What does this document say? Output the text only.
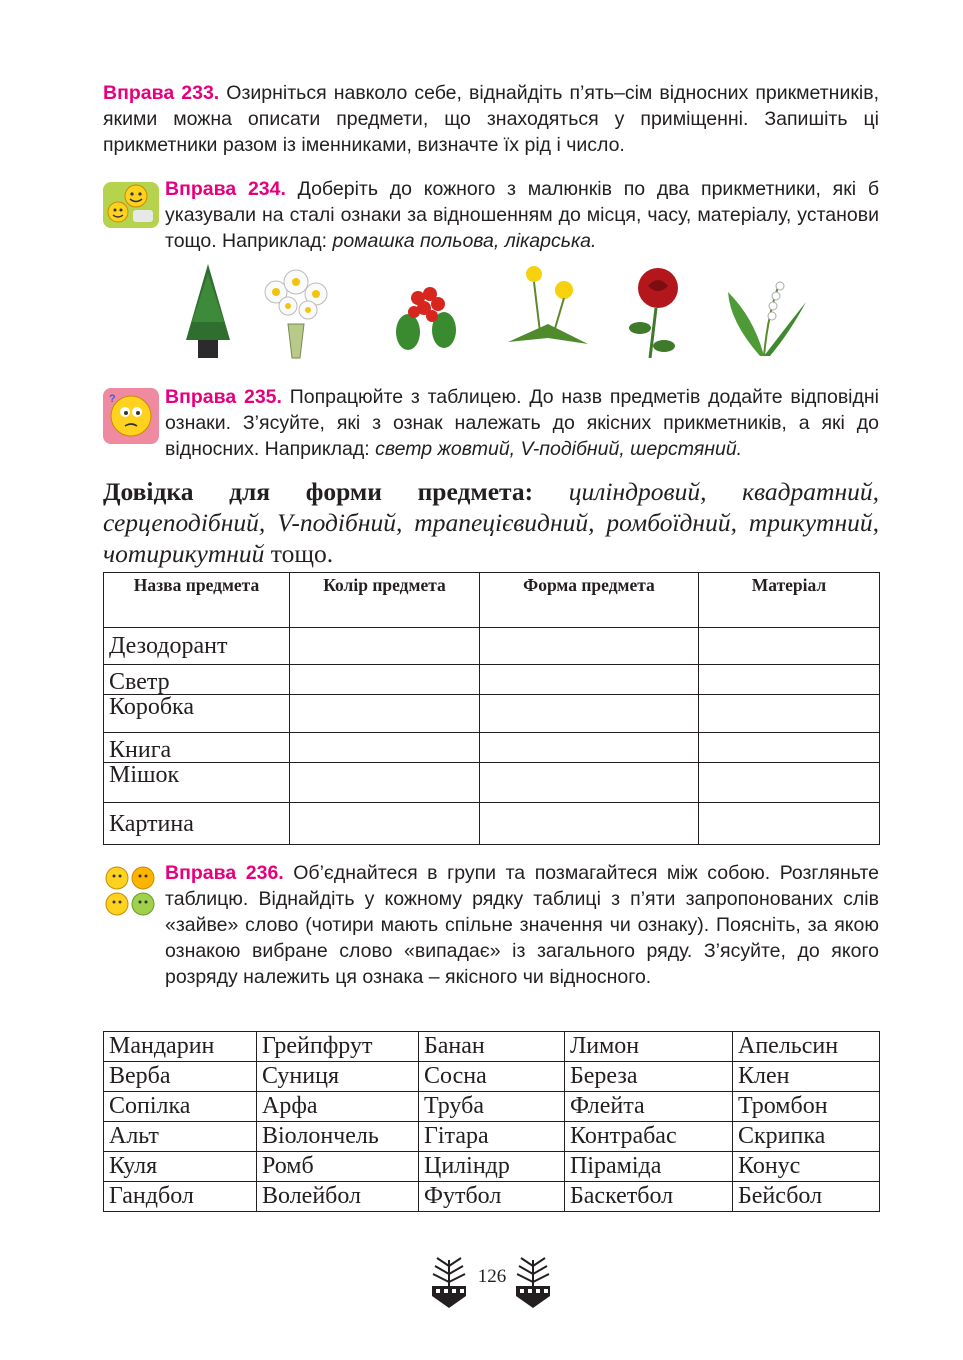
Вправа 233. Озирніться навколо себе, віднайдіть п’ять–сім відносних прикметників, якими можна описати предмети, що знаходяться у приміщенні. Запишіть ці прикметники разом із іменниками, визначте їх рід і число.

Вправа 234. Доберіть до кожного з малюнків по два прикметники, які б указували на сталі ознаки за відношенням до місця, часу, матеріалу, установи тощо. Наприклад: ромашка польова, лікарська.

?	Вправа 235. Попрацюйте з таблицею. До назв предметів додайте відповідні ознаки. З’ясуйте, які з ознак належать до якісних прикметників, а які до відносних. Наприклад: светр жовтий, V-подібний, шерстяний.

Довідка для форми предмета: циліндровий, квадратний, серцеподібний, V-подібний, трапецієвидний, ромбоїдний, трикутний, чотирикутний тощо.
Назва предмета	Колір предмета	Форма предмета	Матеріал
Дезодорант			
Светр			
Коробка			
Книга			
Мішок			
Картина			

Вправа 236. Об’єднайтеся в групи та позмагайтеся між собою. Розгляньте таблицю. Віднайдіть у кожному рядку таблиці з п’яти запропонованих слів «зайве» слово (чотири мають спільне значення чи ознаку). Поясніть, за якою ознакою вибране слово «випадає» із загального ряду. З’ясуйте, до якого розряду належить ця ознака – якісного чи відносного.

Мандарин	Грейпфрут	Банан	Лимон	Апельсин
Верба	Суниця	Сосна	Береза	Клен
Сопілка	Арфа	Труба	Флейта	Тромбон
Альт	Віолончель	Гітара	Контрабас	Скрипка
Куля	Ромб	Циліндр	Піраміда	Конус
Гандбол	Волейбол	Футбол	Баскетбол	Бейсбол
126
